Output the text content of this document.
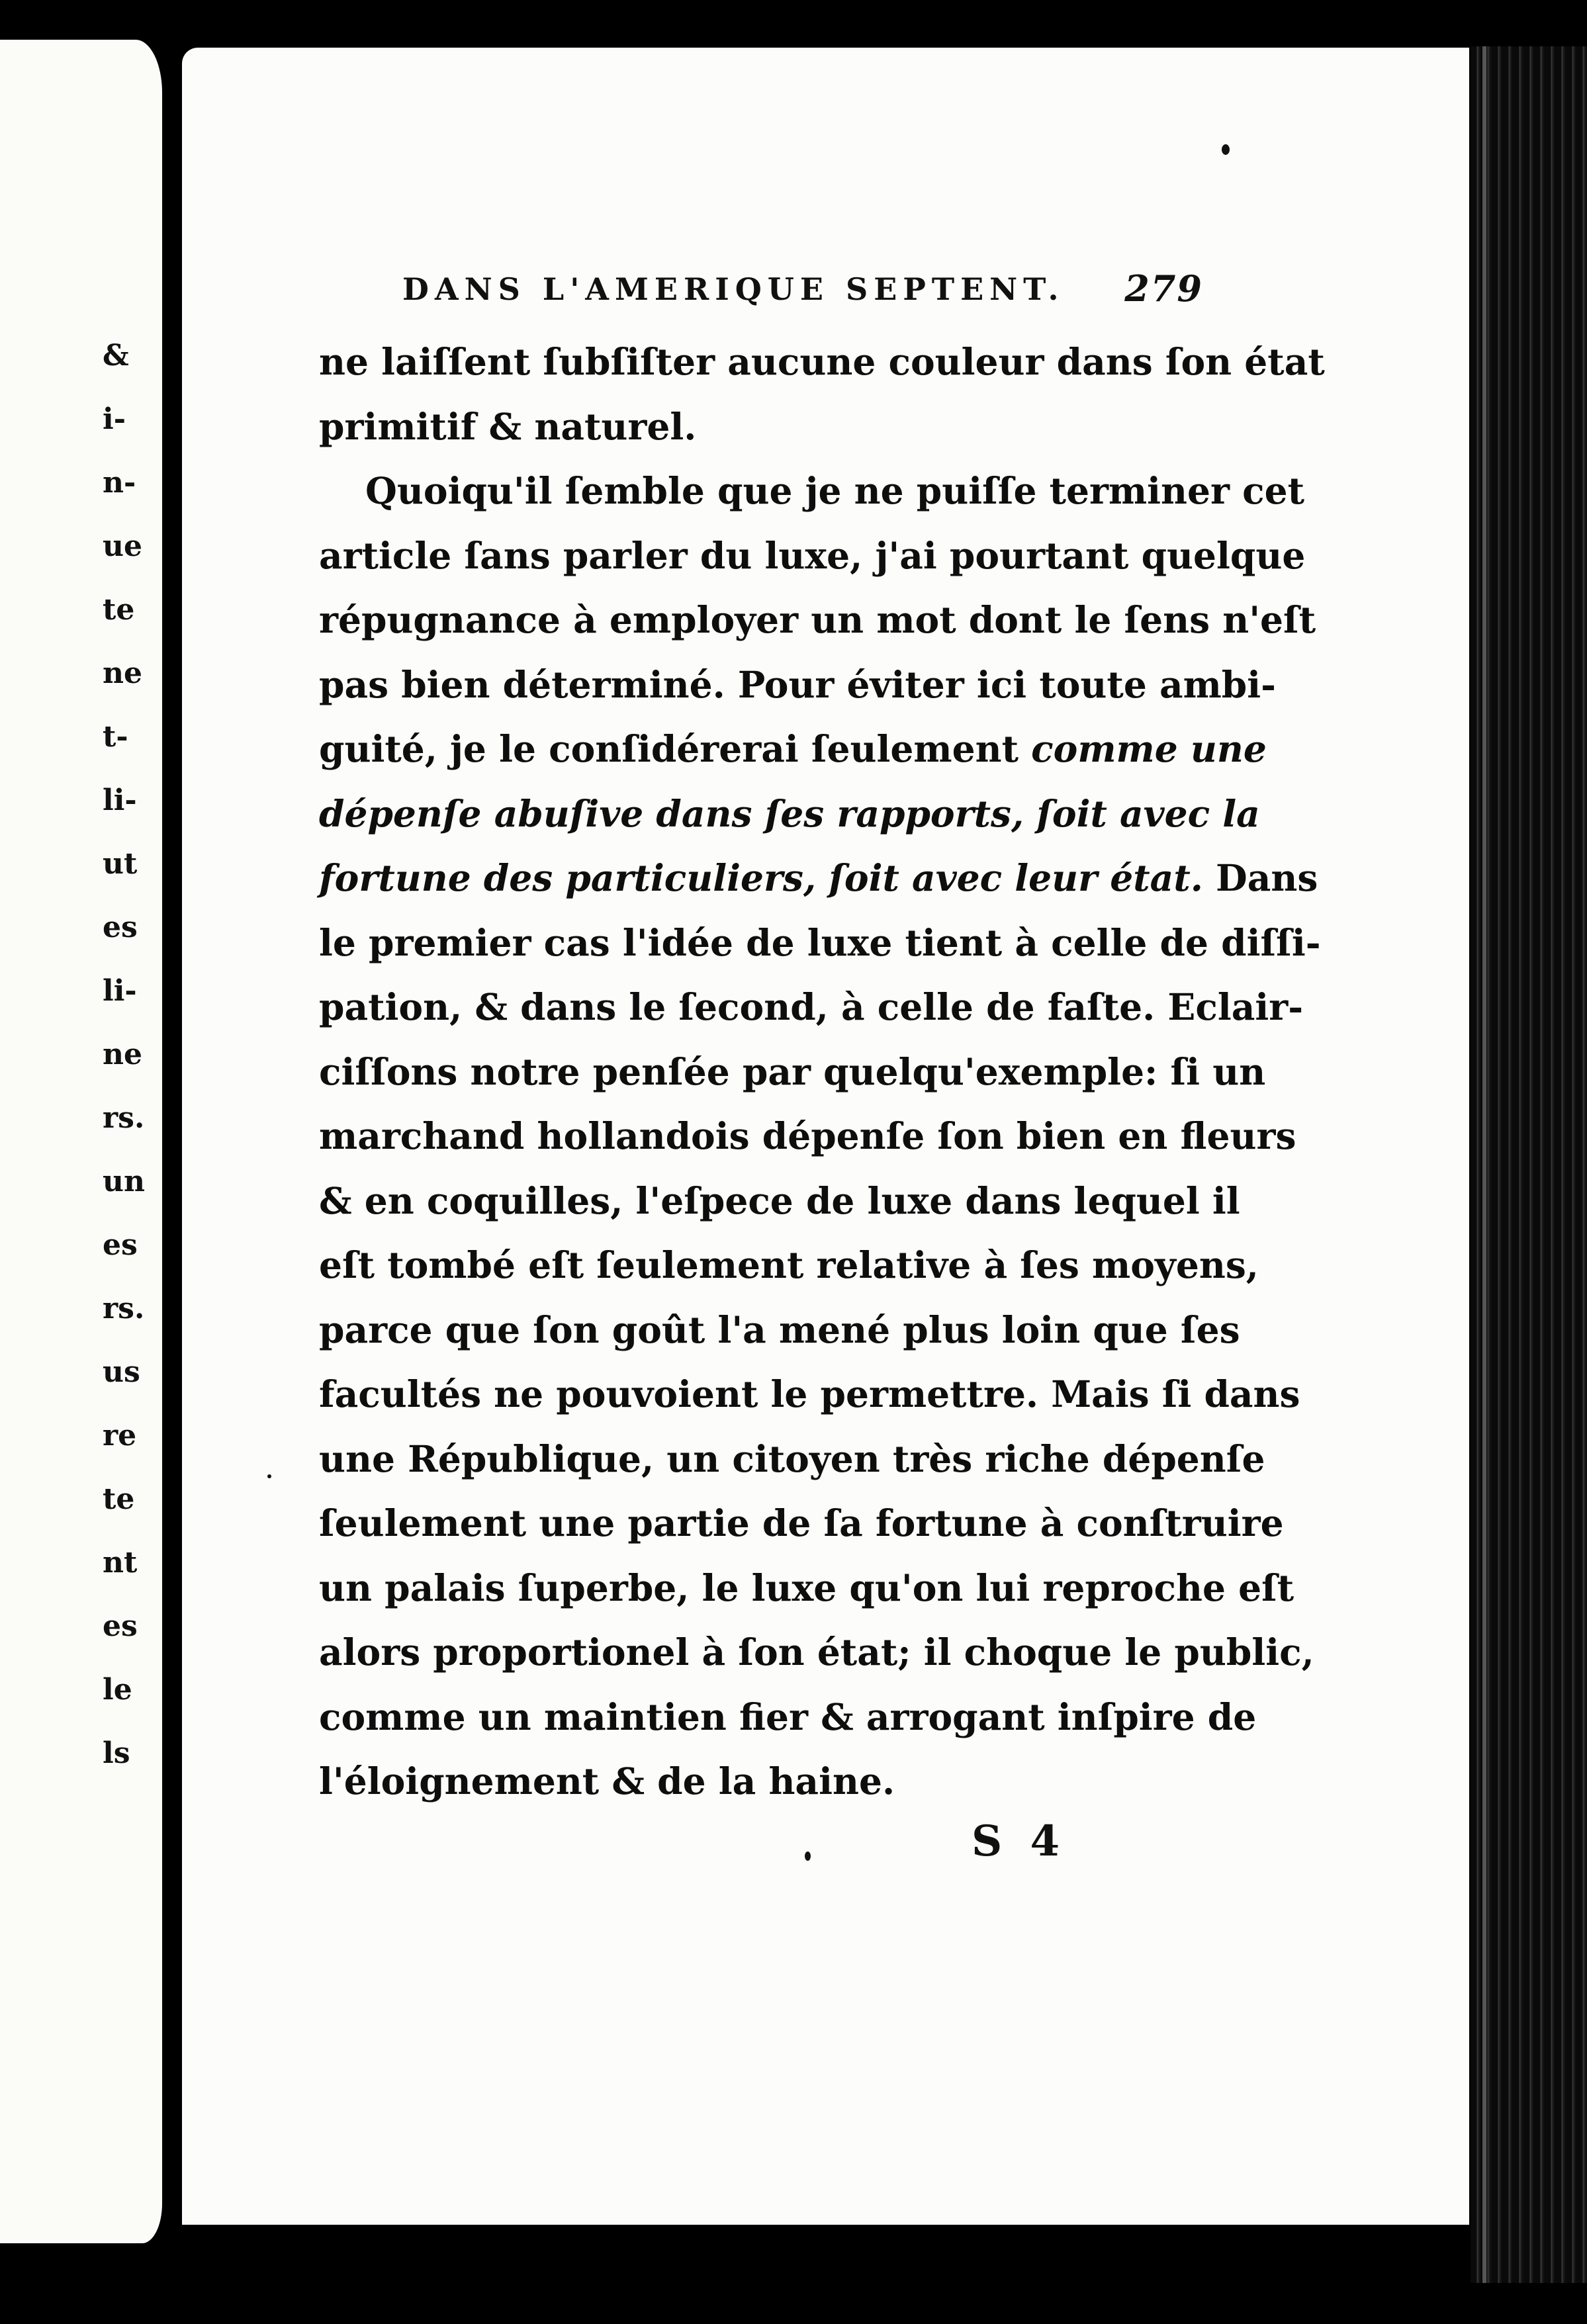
&
i-
n-
ue
te
ne
t-
li-
ut
es
li-
ne
rs.
un
es
rs.
us
re
te
nt
es
le
ls
DANS L'AMERIQUE SEPTENT. 279
ne laiſſent ſubſiſter aucune couleur dans ſon état
primitif & naturel.
Quoiqu'il ſemble que je ne puiſſe terminer cet
article ſans parler du luxe, j'ai pourtant quelque
répugnance à employer un mot dont le ſens n'eſt
pas bien déterminé. Pour éviter ici toute ambi-
guité, je le conſidérerai ſeulement comme une
dépenſe abuſive dans ſes rapports, ſoit avec la
fortune des particuliers, ſoit avec leur état. Dans
le premier cas l'idée de luxe tient à celle de diſſi-
pation, & dans le ſecond, à celle de faſte. Eclair-
ciſſons notre penſée par quelqu'exemple: ſi un
marchand hollandois dépenſe ſon bien en fleurs
& en coquilles, l'eſpece de luxe dans lequel il
eſt tombé eſt ſeulement relative à ſes moyens,
parce que ſon goût l'a mené plus loin que ſes
facultés ne pouvoient le permettre. Mais ſi dans
une République, un citoyen très riche dépenſe
ſeulement une partie de ſa fortune à conſtruire
un palais ſuperbe, le luxe qu'on lui reproche eſt
alors proportionel à ſon état; il choque le public,
comme un maintien fier & arrogant inſpire de
l'éloignement & de la haine.
S 4
